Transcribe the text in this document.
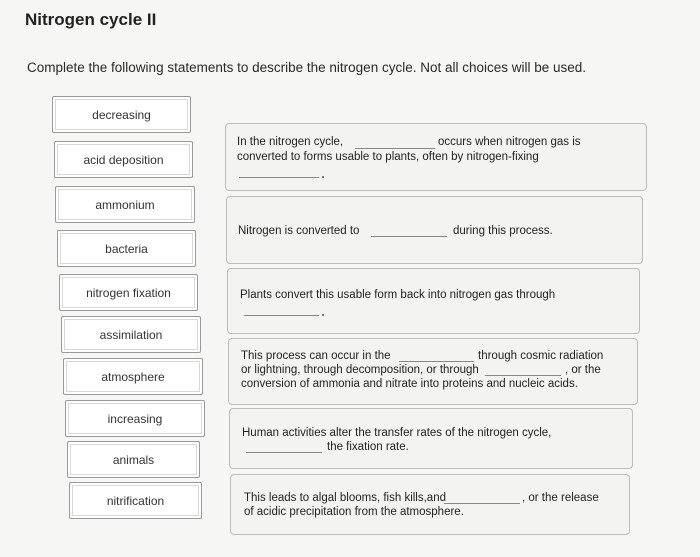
Nitrogen cycle II
Complete the following statements to describe the nitrogen cycle. Not all choices will be used.
decreasing
acid deposition
ammonium
bacteria
nitrogen fixation
assimilation
atmosphere
increasing
animals
nitrification
In the nitrogen cycle,	occurs when nitrogen gas is
converted to forms usable to plants, often by nitrogen-fixing
Nitrogen is converted to	during this process.
Plants convert this usable form back into nitrogen gas through
This process can occur in the	through cosmic radiation
or lightning, through decomposition, or through	, or the
conversion of ammonia and nitrate into proteins and nucleic acids.
Human activities alter the transfer rates of the nitrogen cycle,
the fixation rate.
This leads to algal blooms, fish kills,and	, or the release
of acidic precipitation from the atmosphere.
